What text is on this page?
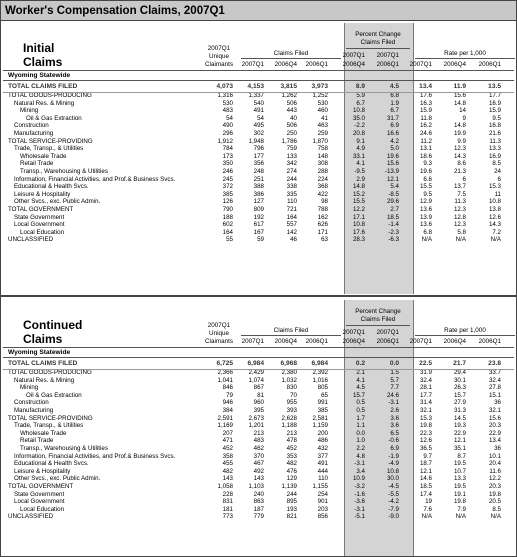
Worker's Compensation Claims, 2007Q1
Initial
Claims
2007Q1
Unique
Claimants
Claims Filed
Percent Change
Claims Filed
Rate per 1,000
2007Q1	2006Q4	2006Q1
2007Q1
2006Q4
2007Q1
2006Q1	2007Q1	2006Q4	2006Q1
Wyoming Statewide
TOTAL CLAIMS FILED	4,073	4,153	3,815	3,973	8.9	4.5	13.4	11.9	13.5
TOTAL GOODS-PRODUCING	1,316	1,337	1,262	1,252	5.9	6.8	17.6	15.6	17.7
Natural Res. & Mining	530	540	506	530	6.7	1.9	16.3	14.8	16.9
Mining	483	491	443	460	10.8	6.7	15.9	14	15.9
Oil & Gas Extraction	54	54	40	41	35.0	31.7	11.8	9	9.5
Construction	490	495	506	463	-2.2	6.9	16.2	14.8	16.8
Manufacturing	296	302	250	259	20.8	16.6	24.6	19.9	21.6
TOTAL SERVICE-PROVIDING	1,912	1,948	1,786	1,870	9.1	4.2	11.2	9.9	11.3
Trade, Transp., & Utilities	784	796	759	758	4.9	5.0	13.1	12.3	13.3
Wholesale Trade	173	177	133	148	33.1	19.6	18.6	14.3	16.9
Retail Trade	350	356	342	308	4.1	15.6	9.3	8.6	8.5
Transp., Warehousing & Utilities	246	248	274	288	-9.5	-13.9	19.6	21.3	24
Information, Financial Activities, and Prof.& Business Svcs.	245	251	244	224	2.9	12.1	6.6	6	6
Educational & Health Svcs.	372	388	338	368	14.8	5.4	15.5	13.7	15.3
Leisure & Hospitality	385	386	335	422	15.2	-8.5	9.5	7.5	11
Other Svcs., exc. Public Admin.	126	127	110	98	15.5	29.6	12.9	11.3	10.8
TOTAL GOVERNMENT	790	809	721	788	12.2	2.7	13.6	12.3	13.8
State Government	188	192	164	162	17.1	18.5	13.9	12.8	12.6
Local Government	602	617	557	626	10.8	-1.4	13.6	12.3	14.3
Local Education	164	167	142	171	17.6	-2.3	6.8	5.8	7.2
UNCLASSIFIED	55	59	46	63	28.3	-6.3	N/A	N/A	N/A
Continued
Claims
2007Q1
Unique
Claimants
Claims Filed
Percent Change
Claims Filed
Rate per 1,000
2007Q1	2006Q4	2006Q1
2007Q1
2006Q4
2007Q1
2006Q1	2007Q1	2006Q4	2006Q1
Wyoming Statewide
TOTAL CLAIMS FILED	6,725	6,984	6,968	6,984	0.2	0.0	22.5	21.7	23.8
TOTAL GOODS-PRODUCING	2,366	2,429	2,380	2,392	2.1	1.5	31.9	29.4	33.7
Natural Res. & Mining	1,041	1,074	1,032	1,016	4.1	5.7	32.4	30.1	32.4
Mining	846	867	830	805	4.5	7.7	28.1	26.3	27.8
Oil & Gas Extraction	79	81	70	65	15.7	24.6	17.7	15.7	15.1
Construction	946	960	955	991	0.5	-3.1	31.4	27.9	36
Manufacturing	384	395	393	385	0.5	2.6	32.1	31.3	32.1
TOTAL SERVICE-PROVIDING	2,591	2,673	2,628	2,581	1.7	3.6	15.3	14.5	15.6
Trade, Transp., & Utilities	1,169	1,201	1,188	1,159	1.1	3.6	19.8	19.3	20.3
Wholesale Trade	207	213	213	200	0.0	6.5	22.3	22.9	22.9
Retail Trade	471	483	478	486	1.0	-0.6	12.6	12.1	13.4
Transp., Warehousing & Utilities	452	462	452	432	2.2	6.9	36.5	35.1	36
Information, Financial Activities, and Prof.& Business Svcs.	358	370	353	377	4.8	-1.9	9.7	8.7	10.1
Educational & Health Svcs.	455	467	482	491	-3.1	-4.9	18.7	19.5	20.4
Leisure & Hospitality	482	492	476	444	3.4	10.8	12.1	10.7	11.6
Other Svcs., exc. Public Admin.	143	143	129	110	10.9	30.0	14.6	13.3	12.2
TOTAL GOVERNMENT	1,058	1,103	1,139	1,155	-3.2	-4.5	18.5	19.5	20.3
State Government	228	240	244	254	-1.6	-5.5	17.4	19.1	19.8
Local Government	831	863	895	901	-3.6	-4.2	19	19.8	20.5
Local Education	181	187	193	203	-3.1	-7.9	7.6	7.9	8.5
UNCLASSIFIED	773	779	821	856	-5.1	-9.0	N/A	N/A	N/A
